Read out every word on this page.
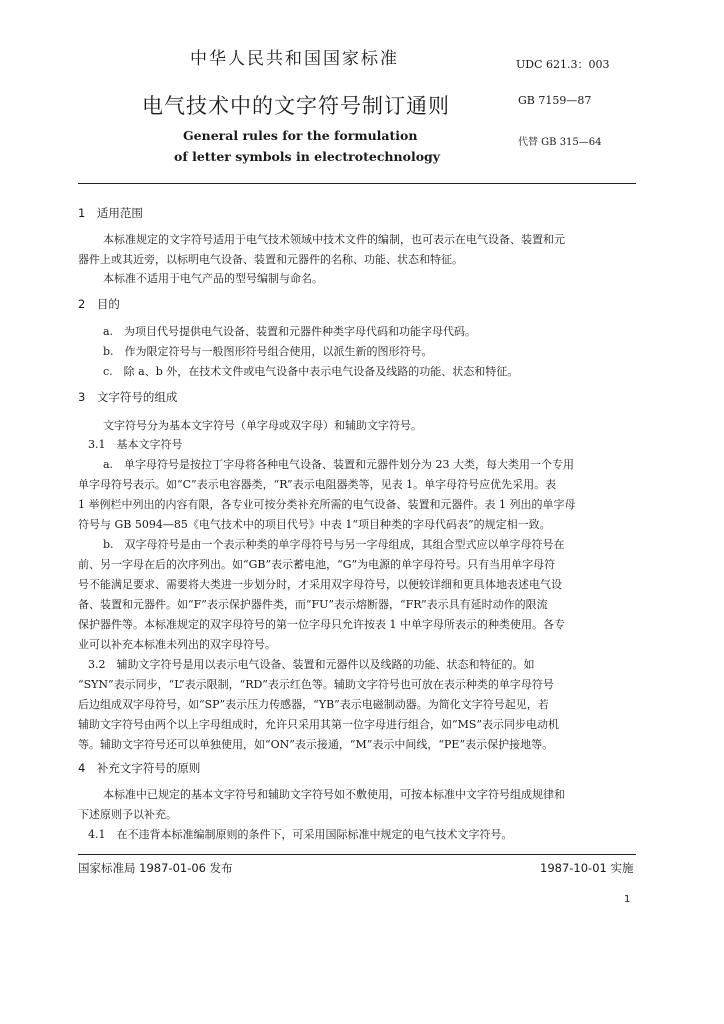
中华人民共和国国家标准	UDC 621.3：003
电气技术中的文字符号制订通则	GB 7159—87
General rules for the formulation
of letter symbols in electrotechnology
代替 GB 315—64
1　适用范围
本标准规定的文字符号适用于电气技术领域中技术文件的编制，也可表示在电气设备、装置和元
器件上或其近旁，以标明电气设备、装置和元器件的名称、功能、状态和特征。
本标准不适用于电气产品的型号编制与命名。
2　目的
a.　为项目代号提供电气设备、装置和元器件种类字母代码和功能字母代码。
b.　作为限定符号与一般图形符号组合使用，以派生新的图形符号。
c.　除 a、b 外，在技术文件或电气设备中表示电气设备及线路的功能、状态和特征。
3　文字符号的组成
文字符号分为基本文字符号（单字母或双字母）和辅助文字符号。
3.1　基本文字符号
a.　单字母符号是按拉丁字母将各种电气设备、装置和元器件划分为 23 大类，每大类用一个专用
单字母符号表示。如“C”表示电容器类，“R”表示电阻器类等，见表 1。单字母符号应优先采用。表
1 举例栏中列出的内容有限，各专业可按分类补充所需的电气设备、装置和元器件。表 1 列出的单字母
符号与 GB 5094—85《电气技术中的项目代号》中表 1“项目种类的字母代码表”的规定相一致。
b.　双字母符号是由一个表示种类的单字母符号与另一字母组成，其组合型式应以单字母符号在
前、另一字母在后的次序列出。如“GB”表示蓄电池，“G”为电源的单字母符号。只有当用单字母符
号不能满足要求、需要将大类进一步划分时，才采用双字母符号，以便较详细和更具体地表述电气设
备、装置和元器件。如“F”表示保护器件类，而“FU”表示熔断器，“FR”表示具有延时动作的限流
保护器件等。本标准规定的双字母符号的第一位字母只允许按表 1 中单字母所表示的种类使用。各专
业可以补充本标准未列出的双字母符号。
3.2　辅助文字符号是用以表示电气设备、装置和元器件以及线路的功能、状态和特征的。如
“SYN”表示同步，“L”表示限制，“RD”表示红色等。辅助文字符号也可放在表示种类的单字母符号
后边组成双字母符号，如“SP”表示压力传感器，“YB”表示电磁制动器。为简化文字符号起见，若
辅助文字符号由两个以上字母组成时，允许只采用其第一位字母进行组合，如“MS”表示同步电动机
等。辅助文字符号还可以单独使用，如“ON”表示接通，“M”表示中间线，“PE”表示保护接地等。
4　补充文字符号的原则
本标准中已规定的基本文字符号和辅助文字符号如不敷使用，可按本标准中文字符号组成规律和
下述原则予以补充。
4.1　在不违背本标准编制原则的条件下，可采用国际标准中规定的电气技术文字符号。
国家标准局 1987-01-06 发布	1987-10-01 实施
1
